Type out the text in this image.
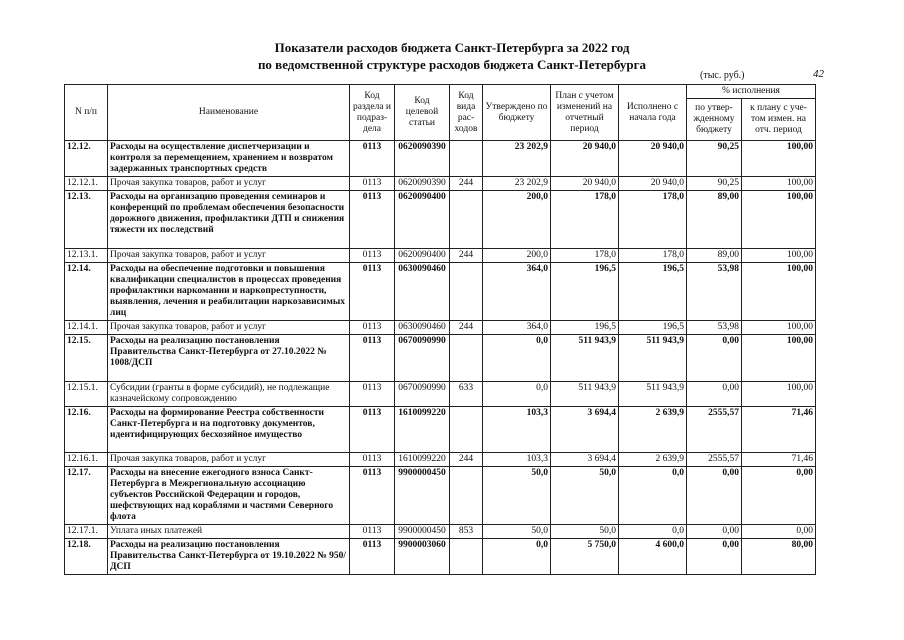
Показатели расходов бюджета Санкт-Петербурга за 2022 год
по ведомственной структуре расходов бюджета Санкт-Петербурга
(тыс. руб.)	42
N п/п	Наименование	Код раздела и подраз-дела	Код целевой статьи	Код вида рас-ходов	Утверждено по бюджету	План с учетом изменений на отчетный период	Исполнено с начала года	% исполнения	
								по утвер-жденному бюджету	к плану с уче-том измен. на отч. период
12.12.	Расходы на осуществление диспетчеризации и контроля за перемещением, хранением и возвратом задержанных транспортных средств	0113	0620090390		23 202,9	20 940,0	20 940,0	90,25	100,00
12.12.1.	Прочая закупка товаров, работ и услуг	0113	0620090390	244	23 202,9	20 940,0	20 940,0	90,25	100,00
12.13.	Расходы на организацию проведения семинаров и конференций по проблемам обеспечения безопасности дорожного движения, профилактики ДТП и снижения тяжести их последствий	0113	0620090400		200,0	178,0	178,0	89,00	100,00
12.13.1.	Прочая закупка товаров, работ и услуг	0113	0620090400	244	200,0	178,0	178,0	89,00	100,00
12.14.	Расходы на обеспечение подготовки и повышения квалификации специалистов в процессах проведения профилактики наркомании и наркопреступности, выявления, лечения и реабилитации наркозависимых лиц	0113	0630090460		364,0	196,5	196,5	53,98	100,00
12.14.1.	Прочая закупка товаров, работ и услуг	0113	0630090460	244	364,0	196,5	196,5	53,98	100,00
12.15.	Расходы на реализацию постановления Правительства Санкт-Петербурга от 27.10.2022 № 1008/ДСП	0113	0670090990		0,0	511 943,9	511 943,9	0,00	100,00
12.15.1.	Субсидии (гранты в форме субсидий), не подлежащие казначейскому сопровождению	0113	0670090990	633	0,0	511 943,9	511 943,9	0,00	100,00
12.16.	Расходы на формирование Реестра собственности Санкт-Петербурга и на подготовку документов, идентифицирующих бесхозяйное имущество	0113	1610099220		103,3	3 694,4	2 639,9	2555,57	71,46
12.16.1.	Прочая закупка товаров, работ и услуг	0113	1610099220	244	103,3	3 694,4	2 639,9	2555,57	71,46
12.17.	Расходы на внесение ежегодного взноса Санкт-Петербурга в Межрегиональную ассоциацию субъектов Российской Федерации и городов, шефствующих над кораблями и частями Северного флота	0113	9900000450		50,0	50,0	0,0	0,00	0,00
12.17.1.	Уплата иных платежей	0113	9900000450	853	50,0	50,0	0,0	0,00	0,00
12.18.	Расходы на реализацию постановления Правительства Санкт-Петербурга от 19.10.2022 № 950/ДСП	0113	9900003060		0,0	5 750,0	4 600,0	0,00	80,00
